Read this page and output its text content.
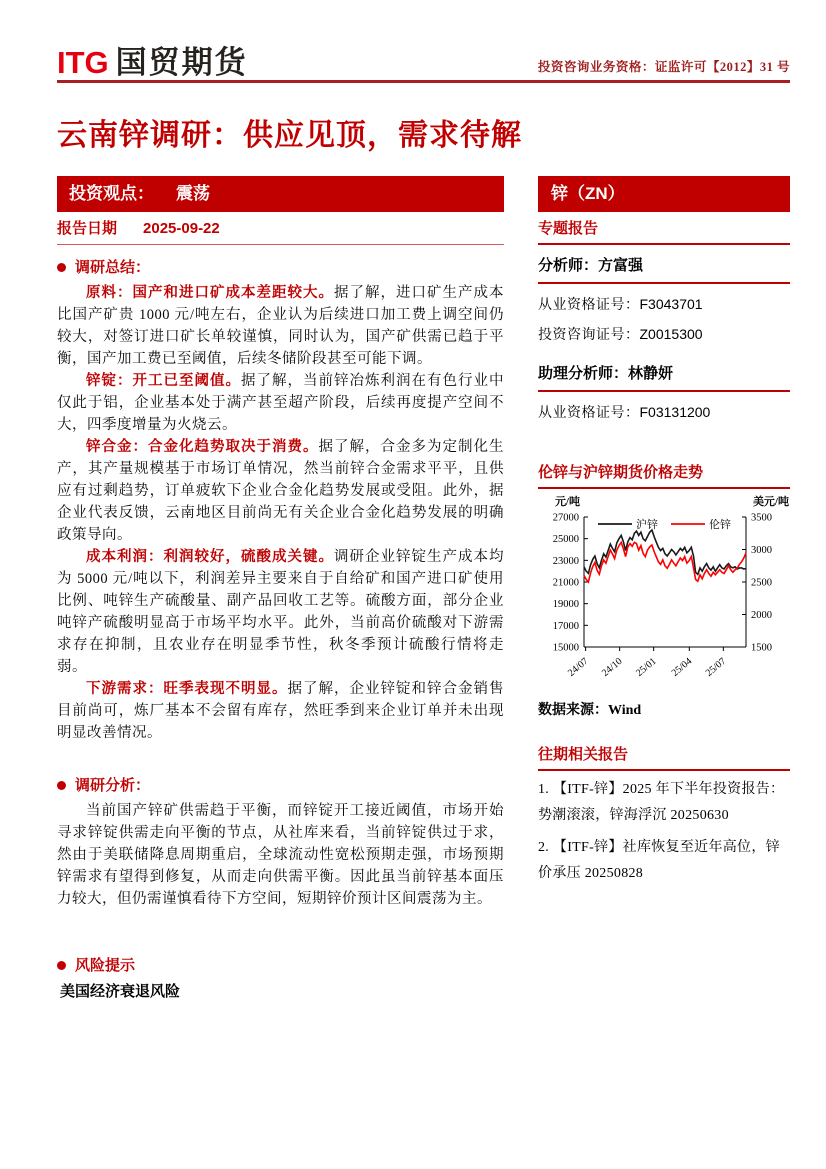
ITG 国贸期货	投资咨询业务资格：证监许可【2012】31 号
云南锌调研：供应见顶，需求待解
投资观点： 震荡	锌（ZN）
报告日期 2025-09-22	专题报告
调研总结：

原料：国产和进口矿成本差距较大。据了解，进口矿生产成本比国产矿贵 1000 元/吨左右，企业认为后续进口加工费上调空间仍较大，对签订进口矿长单较谨慎，同时认为，国产矿供需已趋于平衡，国产加工费已至阈值，后续冬储阶段甚至可能下调。

锌锭：开工已至阈值。据了解，当前锌冶炼利润在有色行业中仅此于铝，企业基本处于满产甚至超产阶段，后续再度提产空间不大，四季度增量为火烧云。

锌合金：合金化趋势取决于消费。据了解，合金多为定制化生产，其产量规模基于市场订单情况，然当前锌合金需求平平，且供应有过剩趋势，订单疲软下企业合金化趋势发展或受阻。此外，据企业代表反馈，云南地区目前尚无有关企业合金化趋势发展的明确政策导向。

成本利润：利润较好，硫酸成关键。调研企业锌锭生产成本均为 5000 元/吨以下，利润差异主要来自于自给矿和国产进口矿使用比例、吨锌生产硫酸量、副产品回收工艺等。硫酸方面，部分企业吨锌产硫酸明显高于市场平均水平。此外，当前高价硫酸对下游需求存在抑制，且农业存在明显季节性，秋冬季预计硫酸行情将走弱。

下游需求：旺季表现不明显。据了解，企业锌锭和锌合金销售目前尚可，炼厂基本不会留有库存，然旺季到来企业订单并未出现明显改善情况。

调研分析：

当前国产锌矿供需趋于平衡，而锌锭开工接近阈值，市场开始寻求锌锭供需走向平衡的节点，从社库来看，当前锌锭供过于求，然由于美联储降息周期重启，全球流动性宽松预期走强，市场预期锌需求有望得到修复，从而走向供需平衡。因此虽当前锌基本面压力较大，但仍需谨慎看待下方空间，短期锌价预计区间震荡为主。

风险提示
美国经济衰退风险
分析师：方富强
从业资格证号：F3043701
投资咨询证号：Z0015300
助理分析师：林静妍
从业资格证号：F03131200
伦锌与沪锌期货价格走势
27000
25000
23000
21000
19000
17000
15000
3500
3000
2500
2000
1500
24/07 24/10 25/01 25/04 25/07
元/吨	美元/吨
沪锌	伦锌
数据来源：Wind
往期相关报告
1. 【ITF-锌】2025 年下半年投资报告：势潮滚滚，锌海浮沉 20250630
2. 【ITF-锌】社库恢复至近年高位，锌价承压 20250828
